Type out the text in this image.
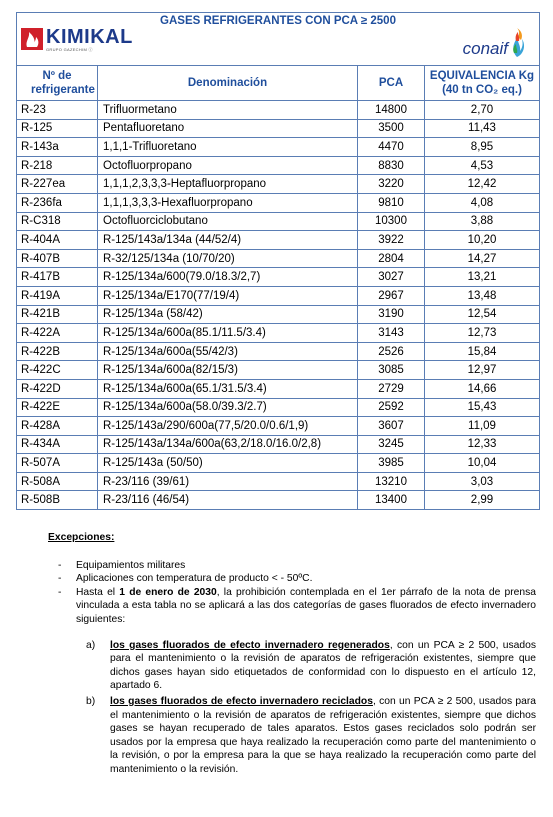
GASES REFRIGERANTES CON PCA ≥ 2500
KIMIKAL
GRUPO GAZECHIM ⓡ conaif			

Nº de refrigerante	Denominación	PCA	EQUIVALENCIA Kg (40 tn CO₂ eq.)
R-23	Trifluormetano	14800	2,70
R-125	Pentafluoretano	3500	11,43
R-143a	1,1,1-Trifluoretano	4470	8,95
R-218	Octofluorpropano	8830	4,53
R-227ea	1,1,1,2,3,3,3-Heptafluorpropano	3220	12,42
R-236fa	1,1,1,3,3,3-Hexafluorpropano	9810	4,08
R-C318	Octofluorciclobutano	10300	3,88
R-404A	R-125/143a/134a (44/52/4)	3922	10,20
R-407B	R-32/125/134a (10/70/20)	2804	14,27
R-417B	R-125/134a/600(79.0/18.3/2,7)	3027	13,21
R-419A	R-125/134a/E170(77/19/4)	2967	13,48
R-421B	R-125/134a (58/42)	3190	12,54
R-422A	R-125/134a/600a(85.1/11.5/3.4)	3143	12,73
R-422B	R-125/134a/600a(55/42/3)	2526	15,84
R-422C	R-125/134a/600a(82/15/3)	3085	12,97
R-422D	R-125/134a/600a(65.1/31.5/3.4)	2729	14,66
R-422E	R-125/134a/600a(58.0/39.3/2.7)	2592	15,43
R-428A	R-125/143a/290/600a(77,5/20.0/0.6/1,9)	3607	11,09
R-434A	R-125/143a/134a/600a(63,2/18.0/16.0/2,8)	3245	12,33
R-507A	R-125/143a (50/50)	3985	10,04
R-508A	R-23/116 (39/61)	13210	3,03
R-508B	R-23/116 (46/54)	13400	2,99
Excepciones:
-	Equipamientos militares
-	Aplicaciones con temperatura de producto < - 50ºC.
-	Hasta el 1 de enero de 2030, la prohibición contemplada en el 1er párrafo de la nota de prensa vinculada a esta tabla no se aplicará a las dos categorías de gases fluorados de efecto invernadero siguientes:
a)	los gases fluorados de efecto invernadero regenerados, con un PCA ≥ 2 500, usados para el mantenimiento o la revisión de aparatos de refrigeración existentes, siempre que dichos gases hayan sido etiquetados de conformidad con lo dispuesto en el artículo 12, apartado 6.
b)	los gases fluorados de efecto invernadero reciclados, con un PCA ≥ 2 500, usados para el mantenimiento o la revisión de aparatos de refrigeración existentes, siempre que dichos gases se hayan recuperado de tales aparatos. Estos gases reciclados solo podrán ser usados por la empresa que haya realizado la recuperación como parte del mantenimiento o la revisión, o por la empresa para la que se haya realizado la recuperación como parte del mantenimiento o la revisión.
